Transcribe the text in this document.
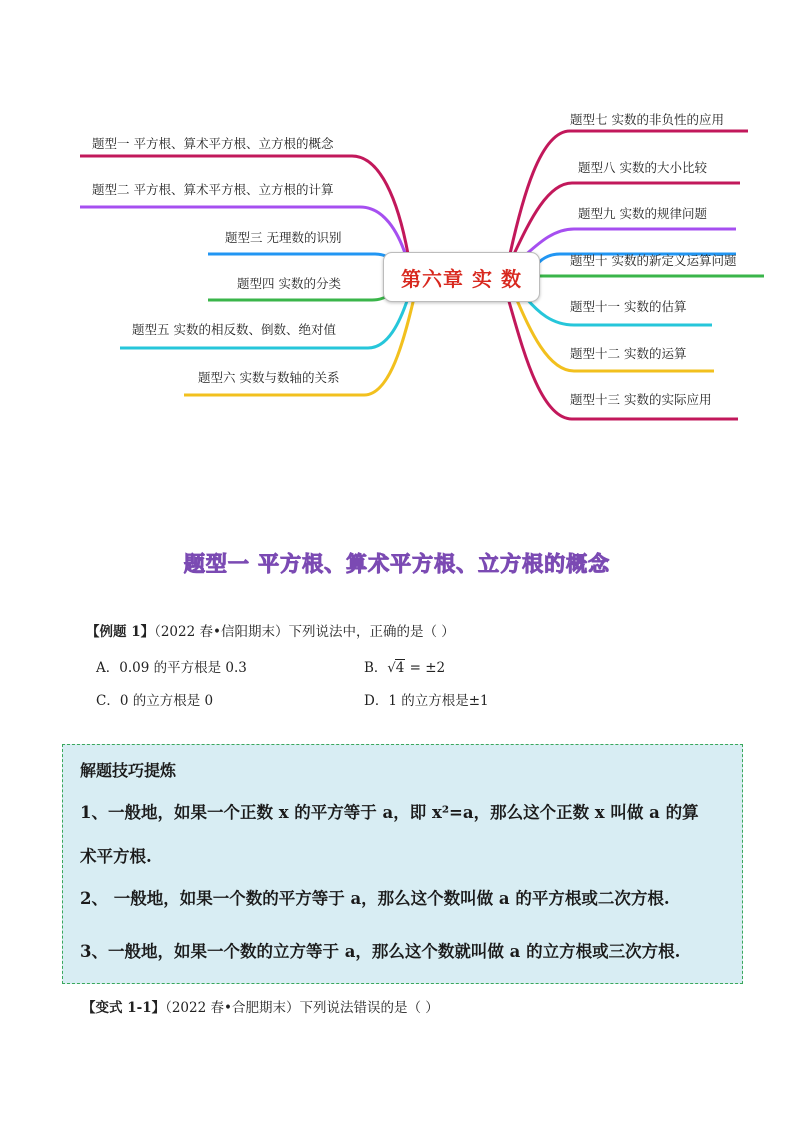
题型一 平方根、算术平方根、立方根的概念
题型二 平方根、算术平方根、立方根的计算
题型三 无理数的识别
题型四 实数的分类
题型五 实数的相反数、倒数、绝对值
题型六 实数与数轴的关系
题型七 实数的非负性的应用
题型八 实数的大小比较
题型九 实数的规律问题
题型十 实数的新定义运算问题
题型十一 实数的估算
题型十二 实数的运算
题型十三 实数的实际应用
第六章 实 数
题型一 平方根、算术平方根、立方根的概念
【例题 1】（2022 春•信阳期末）下列说法中，正确的是（ ）
A．0.09 的平方根是 0.3	B．√4 = ±2
C．0 的立方根是 0	D．1 的立方根是±1
解题技巧提炼
1、一般地，如果一个正数 x 的平方等于 a，即 x²=a，那么这个正数 x 叫做 a 的算
术平方根.
2、 一般地，如果一个数的平方等于 a，那么这个数叫做 a 的平方根或二次方根.
3、一般地，如果一个数的立方等于 a，那么这个数就叫做 a 的立方根或三次方根.
【变式 1-1】（2022 春•合肥期末）下列说法错误的是（ ）
